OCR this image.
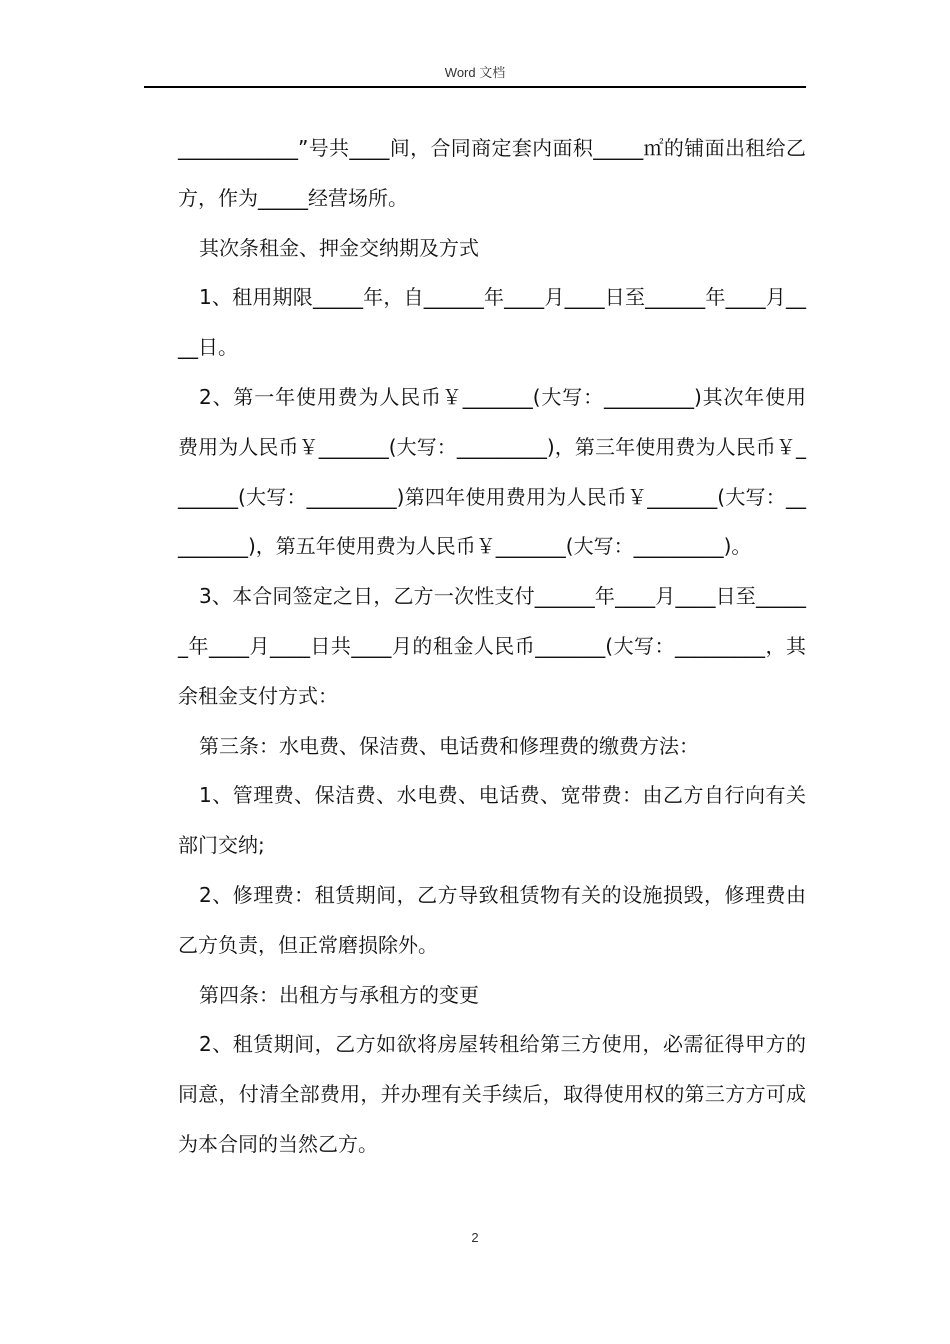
Word 文档

____________”号共____间，合同商定套内面积_____㎡的铺面出租给乙方，作为_____经营场所。

其次条租金、押金交纳期及方式

1、租用期限_____年，自______年____月____日至______年____月____日。

2、第一年使用费为人民币￥_______(大写：_________)其次年使用费用为人民币￥_______(大写：_________)，第三年使用费为人民币￥_______(大写：_________)第四年使用费用为人民币￥_______(大写：_________)，第五年使用费为人民币￥_______(大写：_________)。

3、本合同签定之日，乙方一次性支付______年____月____日至______年____月____日共____月的租金人民币_______(大写：_________，其余租金支付方式：

第三条：水电费、保洁费、电话费和修理费的缴费方法：

1、管理费、保洁费、水电费、电话费、宽带费：由乙方自行向有关部门交纳;

2、修理费：租赁期间，乙方导致租赁物有关的设施损毁，修理费由乙方负责，但正常磨损除外。

第四条：出租方与承租方的变更

2、租赁期间，乙方如欲将房屋转租给第三方使用，必需征得甲方的同意，付清全部费用，并办理有关手续后，取得使用权的第三方方可成为本合同的当然乙方。

2
